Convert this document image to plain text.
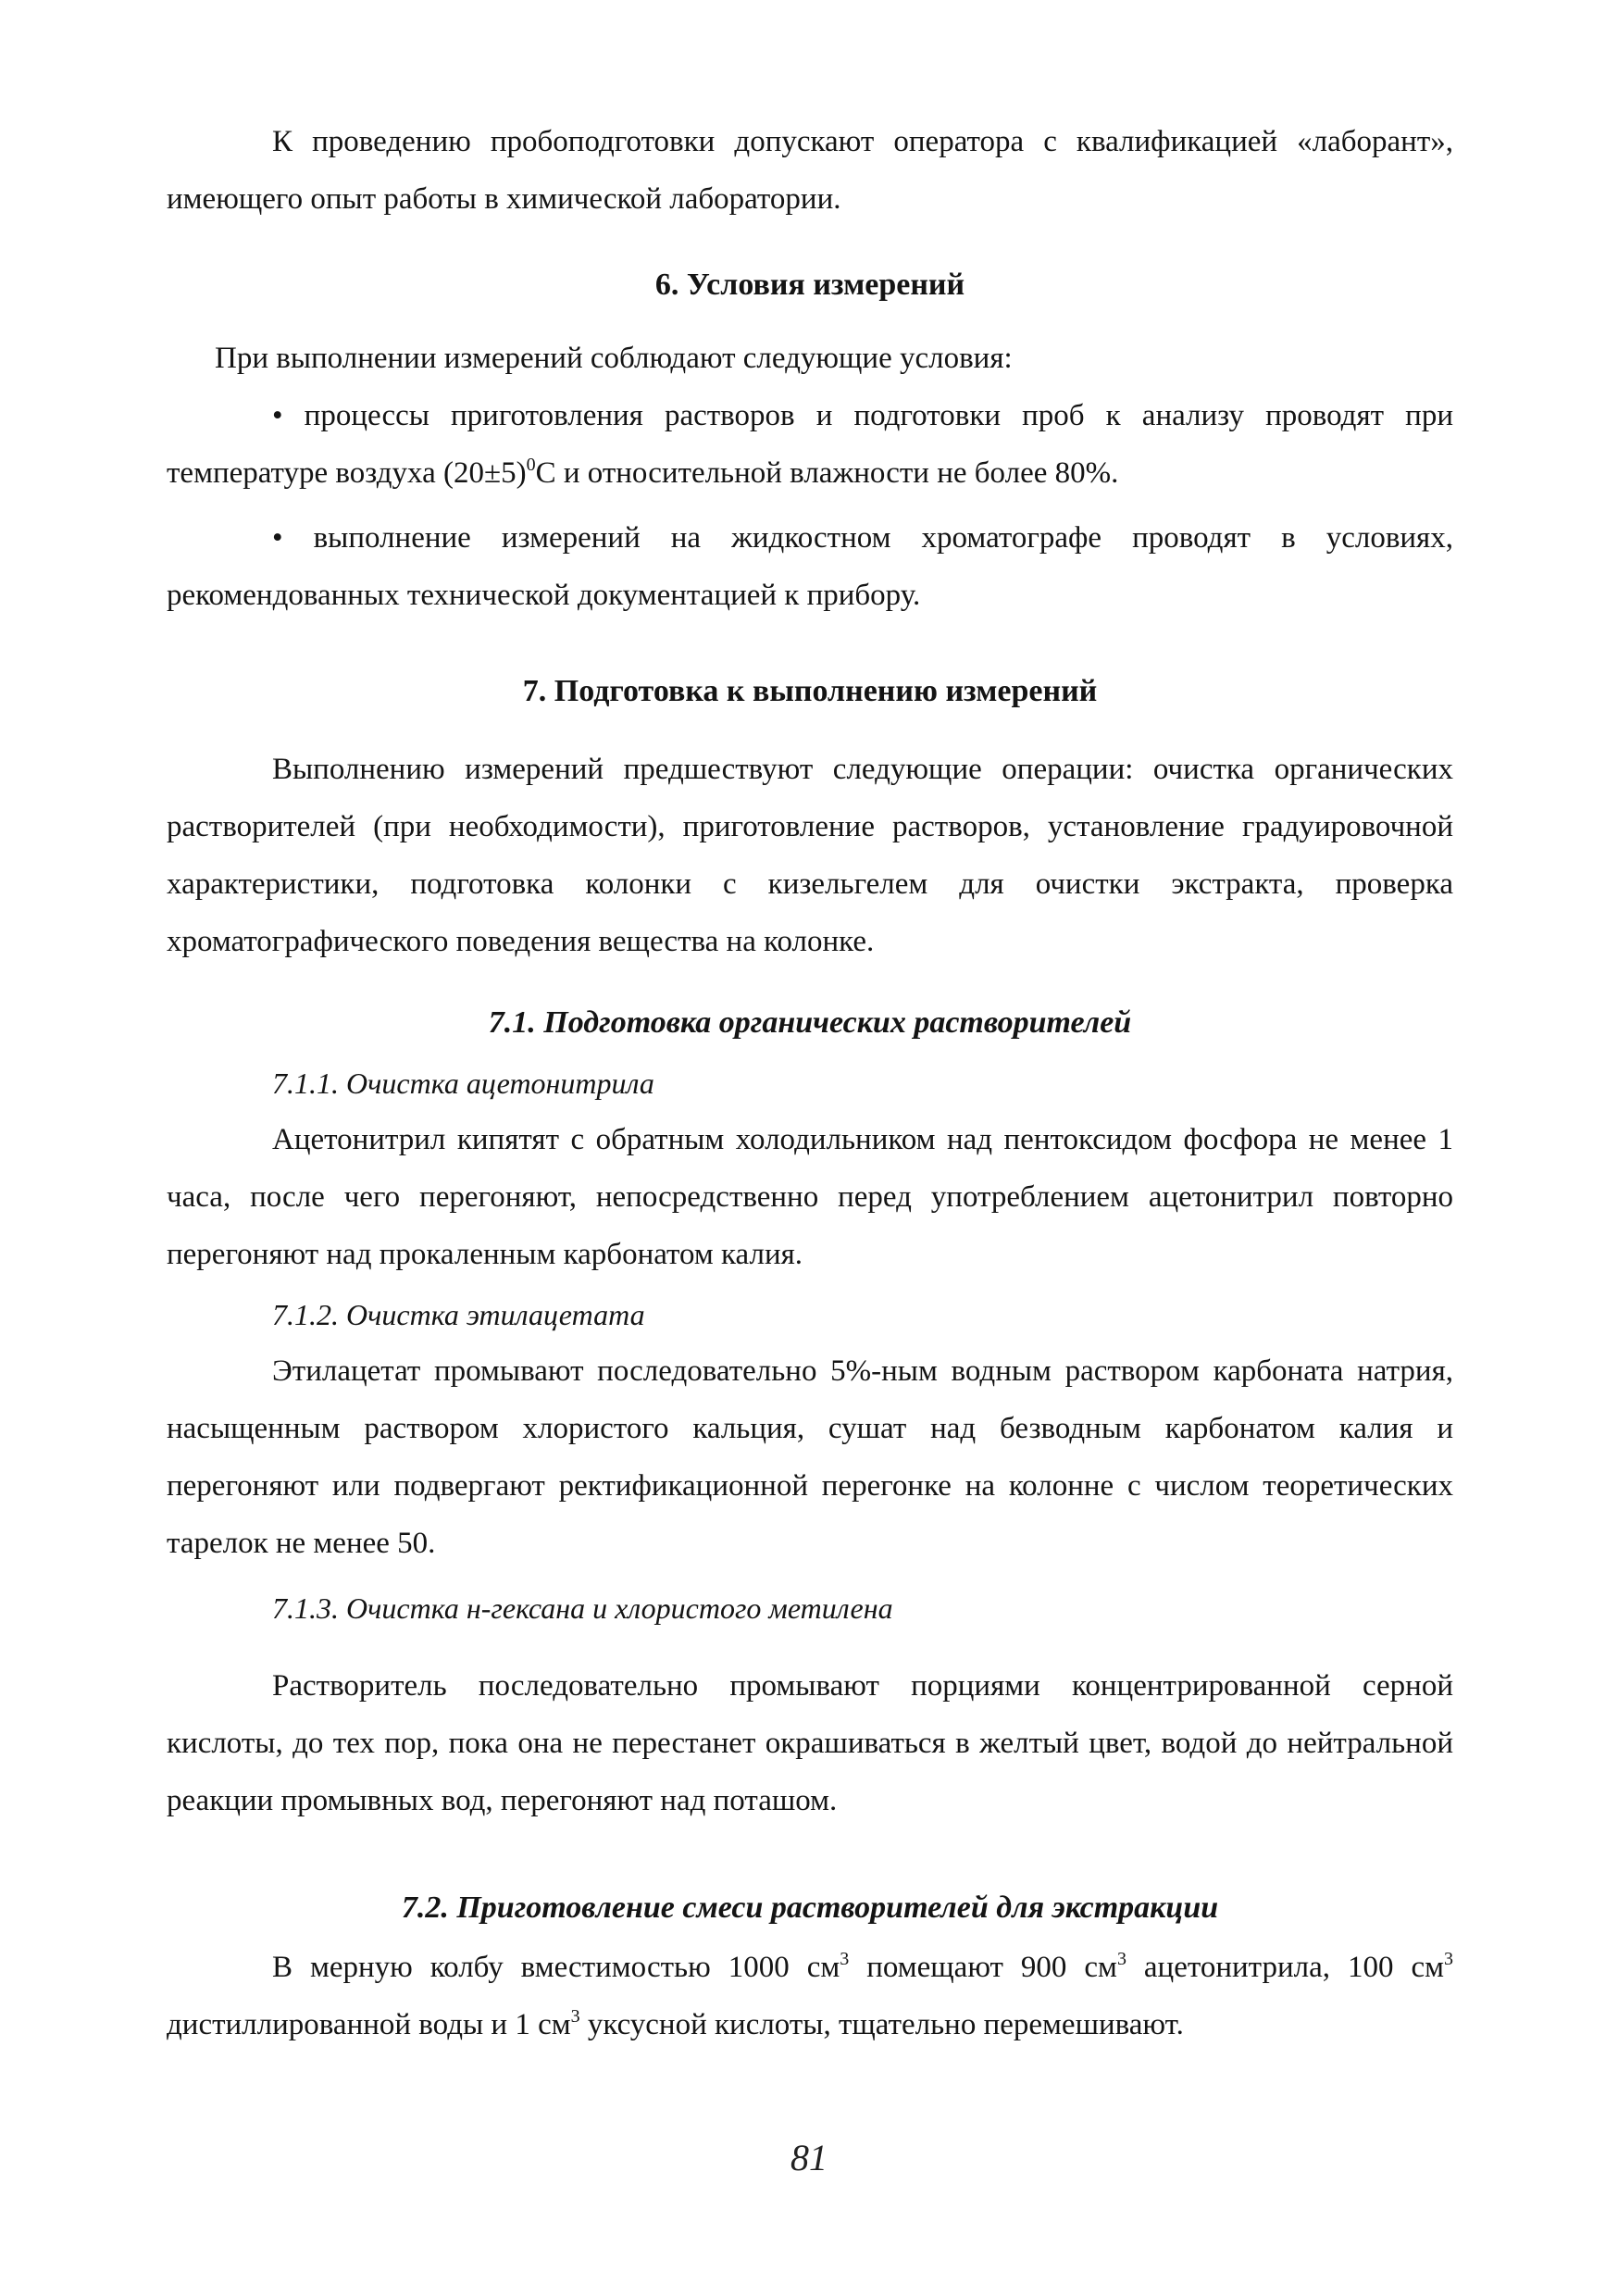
К проведению пробоподготовки допускают оператора с квалификацией «лаборант», имеющего опыт работы в химической лаборатории.

6. Условия измерений

При выполнении измерений соблюдают следующие условия:

• процессы приготовления растворов и подготовки проб к анализу проводят при температуре воздуха $(20\pm 5)^0С$ и относительной влажности не более 80%.

• выполнение измерений на жидкостном хроматографе проводят в условиях, рекомендованных технической документацией к прибору.

7. Подготовка к выполнению измерений

Выполнению измерений предшествуют следующие операции: очистка органических растворителей (при необходимости), приготовление растворов, установление градуировочной характеристики, подготовка колонки с кизельгелем для очистки экстракта, проверка хроматографического поведения вещества на колонке.

7.1. Подготовка органических растворителей

7.1.1. Очистка ацетонитрила

Ацетонитрил кипятят с обратным холодильником над пентоксидом фосфора не менее 1 часа, после чего перегоняют, непосредственно перед употреблением ацетонитрил повторно перегоняют над прокаленным карбонатом калия.

7.1.2. Очистка этилацетата

Этилацетат промывают последовательно 5%-ным водным раствором карбоната натрия, насыщенным раствором хлористого кальция, сушат над безводным карбонатом калия и перегоняют или подвергают ректификационной перегонке на колонне с числом теоретических тарелок не менее 50.

7.1.3. Очистка н-гексана и хлористого метилена

Растворитель последовательно промывают порциями концентрированной серной кислоты, до тех пор, пока она не перестанет окрашиваться в желтый цвет, водой до нейтральной реакции промывных вод, перегоняют над поташом.

7.2. Приготовление смеси растворителей для экстракции

В мерную колбу вместимостью 1000 $см^3$ помещают 900 $см^3$ ацетонитрила, 100 $см^3$ дистиллированной воды и 1 $см^3$ уксусной кислоты, тщательно перемешивают.

81
